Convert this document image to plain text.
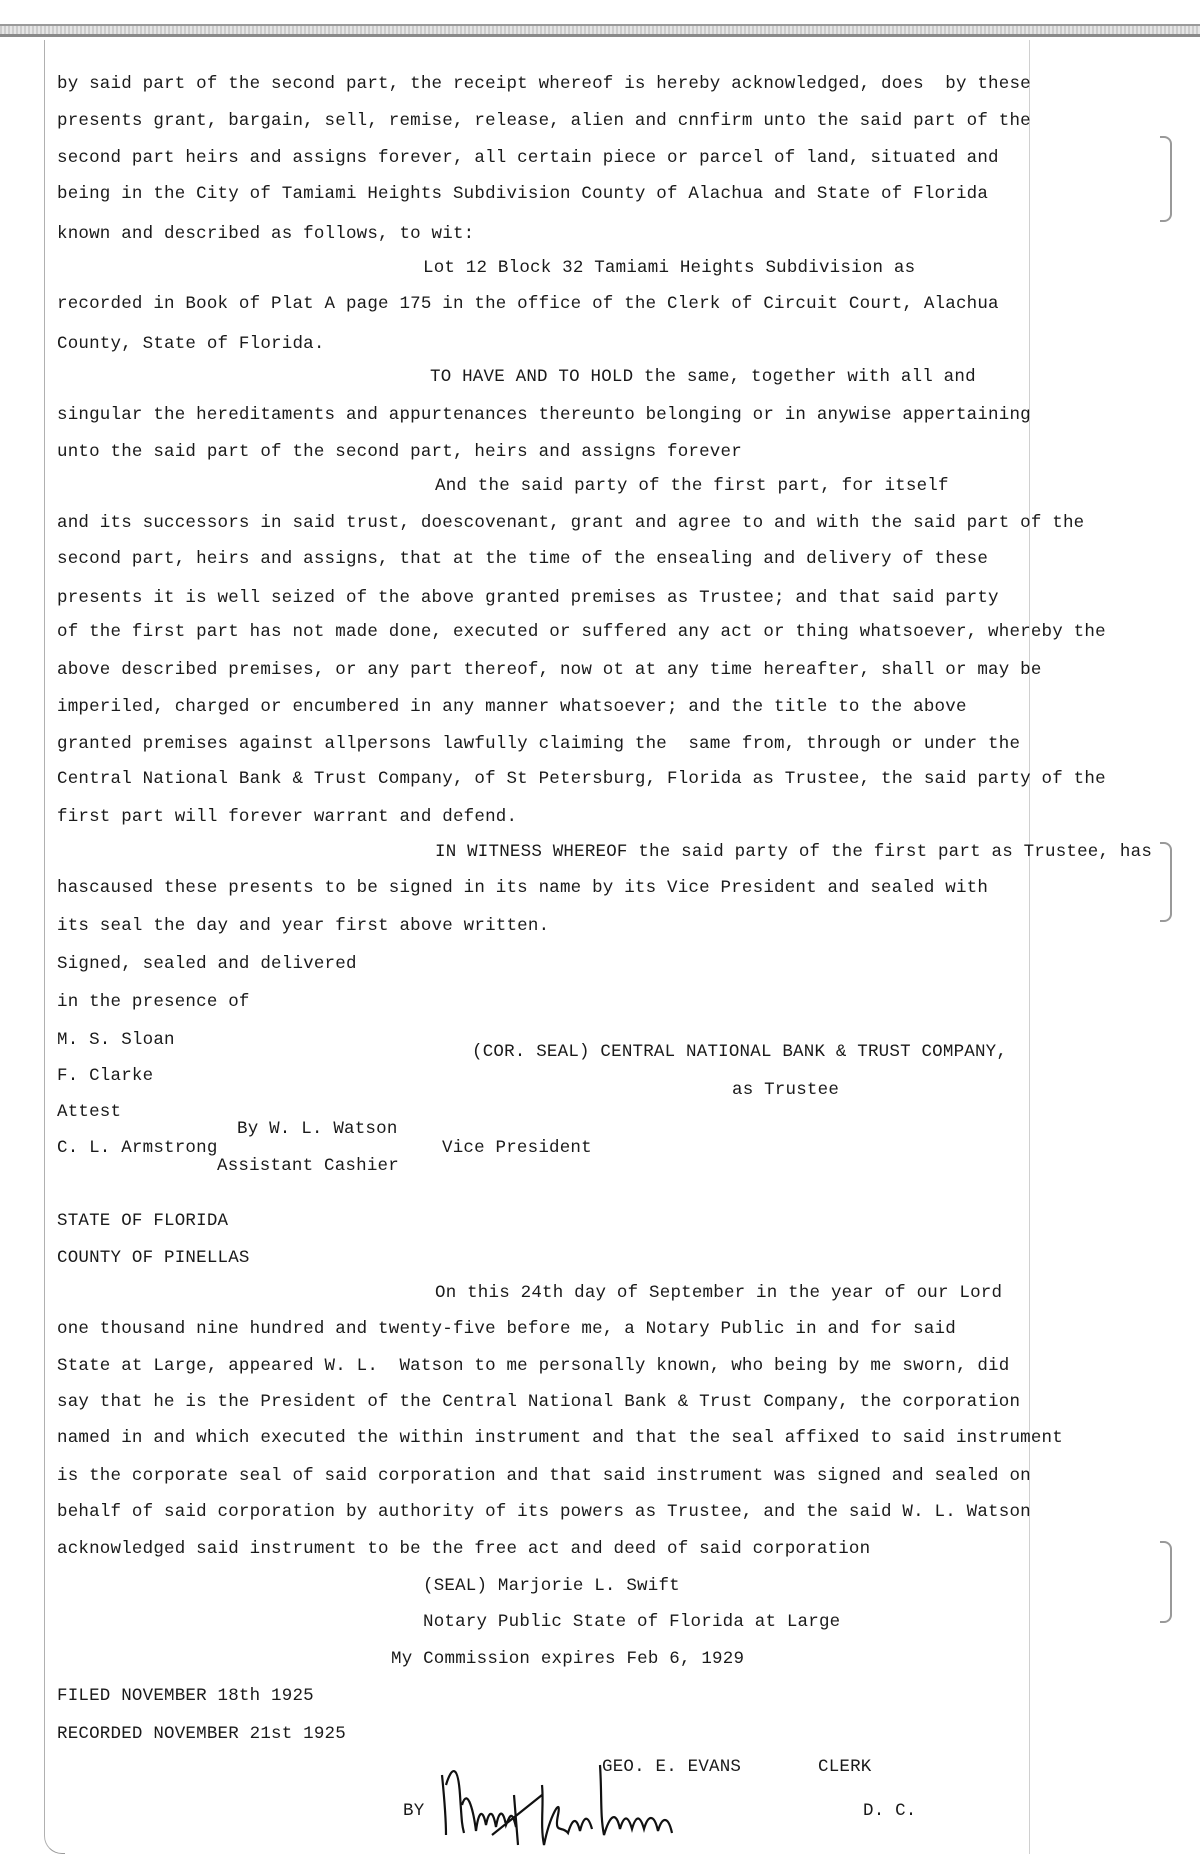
by said part of the second part, the receipt whereof is hereby acknowledged, does  by these
presents grant, bargain, sell, remise, release, alien and cnnfirm unto the said part of the
second part heirs and assigns forever, all certain piece or parcel of land, situated and
being in the City of Tamiami Heights Subdivision County of Alachua and State of Florida
known and described as follows, to wit:
Lot 12 Block 32 Tamiami Heights Subdivision as
recorded in Book of Plat A page 175 in the office of the Clerk of Circuit Court, Alachua
County, State of Florida.
TO HAVE AND TO HOLD the same, together with all and
singular the hereditaments and appurtenances thereunto belonging or in anywise appertaining
unto the said part of the second part, heirs and assigns forever
And the said party of the first part, for itself
and its successors in said trust, doescovenant, grant and agree to and with the said part of the
second part, heirs and assigns, that at the time of the ensealing and delivery of these
presents it is well seized of the above granted premises as Trustee; and that said party
of the first part has not made done, executed or suffered any act or thing whatsoever, whereby the
above described premises, or any part thereof, now ot at any time hereafter, shall or may be
imperiled, charged or encumbered in any manner whatsoever; and the title to the above
granted premises against allpersons lawfully claiming the  same from, through or under the
Central National Bank & Trust Company, of St Petersburg, Florida as Trustee, the said party of the
first part will forever warrant and defend.
IN WITNESS WHEREOF the said party of the first part as Trustee, has
hascaused these presents to be signed in its name by its Vice President and sealed with
its seal the day and year first above written.
Signed, sealed and delivered
in the presence of
M. S. Sloan
(COR. SEAL) CENTRAL NATIONAL BANK & TRUST COMPANY,
F. Clarke
as Trustee
Attest
By W. L. Watson
C. L. Armstrong	Vice President
Assistant Cashier
STATE OF FLORIDA
COUNTY OF PINELLAS
On this 24th day of September in the year of our Lord
one thousand nine hundred and twenty-five before me, a Notary Public in and for said
State at Large, appeared W. L.  Watson to me personally known, who being by me sworn, did
say that he is the President of the Central National Bank & Trust Company, the corporation
named in and which executed the within instrument and that the seal affixed to said instrument
is the corporate seal of said corporation and that said instrument was signed and sealed on
behalf of said corporation by authority of its powers as Trustee, and the said W. L. Watson
acknowledged said instrument to be the free act and deed of said corporation
(SEAL) Marjorie L. Swift
Notary Public State of Florida at Large
My Commission expires Feb 6, 1929
FILED NOVEMBER 18th 1925
RECORDED NOVEMBER 21st 1925
GEO. E. EVANS	CLERK
BY	D. C.
